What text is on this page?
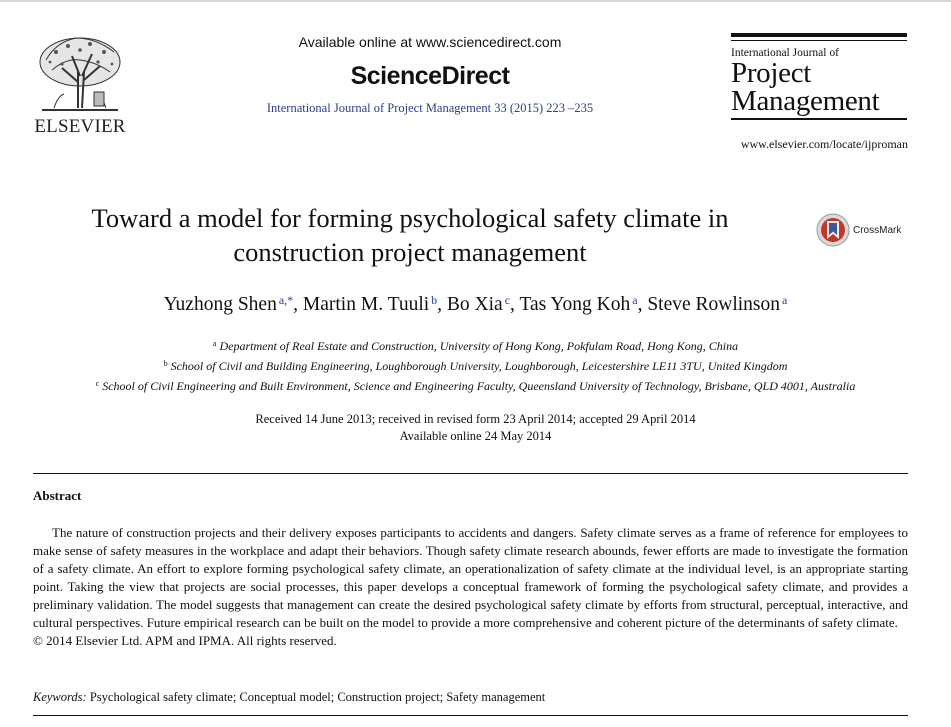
ELSEVIER
Available online at www.sciencedirect.com
ScienceDirect
International Journal of Project Management 33 (2015) 223 –235
International Journal of
Project
Management
www.elsevier.com/locate/ijproman
Toward a model for forming psychological safety climate in
construction project management
CrossMark
Yuzhong Shen $^{a,*}$, Martin M. Tuuli $^b$, Bo Xia $^c$, Tas Yong Koh $^a$, Steve Rowlinson $^a$
$^a$ Department of Real Estate and Construction, University of Hong Kong, Pokfulam Road, Hong Kong, China
$^b$ School of Civil and Building Engineering, Loughborough University, Loughborough, Leicestershire LE11 3TU, United Kingdom
$^c$ School of Civil Engineering and Built Environment, Science and Engineering Faculty, Queensland University of Technology, Brisbane, QLD 4001, Australia
Received 14 June 2013; received in revised form 23 April 2014; accepted 29 April 2014
Available online 24 May 2014
Abstract
The nature of construction projects and their delivery exposes participants to accidents and dangers. Safety climate serves as a frame of reference for employees to make sense of safety measures in the workplace and adapt their behaviors. Though safety climate research abounds, fewer efforts are made to investigate the formation of a safety climate. An effort to explore forming psychological safety climate, an operationalization of safety climate at the individual level, is an appropriate starting point. Taking the view that projects are social processes, this paper develops a conceptual framework of forming the psychological safety climate, and provides a preliminary validation. The model suggests that management can create the desired psychological safety climate by efforts from structural, perceptual, interactive, and cultural perspectives. Future empirical research can be built on the model to provide a more comprehensive and coherent picture of the determinants of safety climate.
© 2014 Elsevier Ltd. APM and IPMA. All rights reserved.
Keywords: Psychological safety climate; Conceptual model; Construction project; Safety management
